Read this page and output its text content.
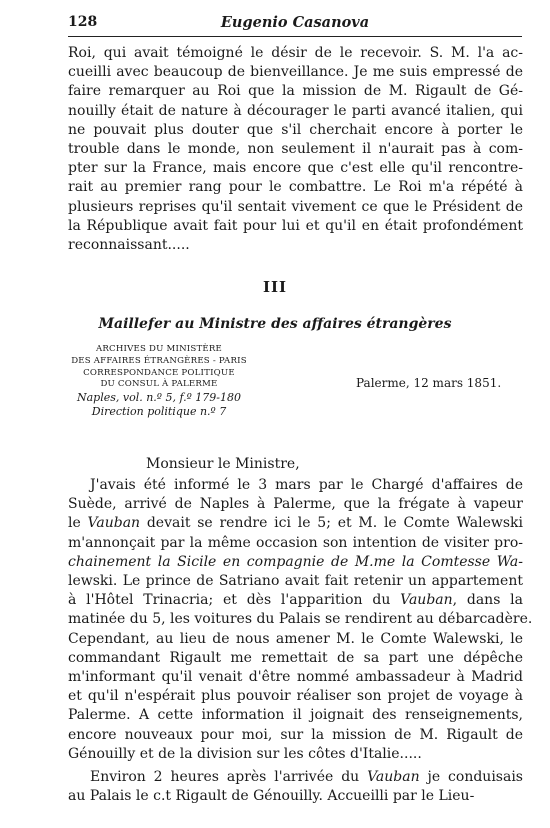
128	Eugenio Casanova
Roi, qui avait témoigné le désir de le recevoir. S. M. l'a ac-
cueilli avec beaucoup de bienveillance. Je me suis empressé de
faire remarquer au Roi que la mission de M. Rigault de Gé-
nouilly était de nature à décourager le parti avancé italien, qui
ne pouvait plus douter que s'il cherchait encore à porter le
trouble dans le monde, non seulement il n'aurait pas à com-
pter sur la France, mais encore que c'est elle qu'il rencontre-
rait au premier rang pour le combattre. Le Roi m'a répété à
plusieurs reprises qu'il sentait vivement ce que le Président de
la République avait fait pour lui et qu'il en était profondément
reconnaissant.....
III
Maillefer au Ministre des affaires étrangères
ARCHIVES DU MINISTÈRE
DES AFFAIRES ÉTRANGÈRES - PARIS
CORRESPONDANCE POLITIQUE
DU CONSUL À PALERME
Naples, vol. n.º 5, f.º 179-180
Direction politique n.º 7
Palerme, 12 mars 1851.
Monsieur le Ministre,
J'avais été informé le 3 mars par le Chargé d'affaires de
Suède, arrivé de Naples à Palerme, que la frégate à vapeur
le Vauban devait se rendre ici le 5; et M. le Comte Walewski
m'annonçait par la même occasion son intention de visiter pro-
chainement la Sicile en compagnie de M.me la Comtesse Wa-
lewski. Le prince de Satriano avait fait retenir un appartement
à l'Hôtel Trinacria; et dès l'apparition du Vauban, dans la
matinée du 5, les voitures du Palais se rendirent au débarcadère.
Cependant, au lieu de nous amener M. le Comte Walewski, le
commandant Rigault me remettait de sa part une dépêche
m'informant qu'il venait d'être nommé ambassadeur à Madrid
et qu'il n'espérait plus pouvoir réaliser son projet de voyage à
Palerme. A cette information il joignait des renseignements,
encore nouveaux pour moi, sur la mission de M. Rigault de
Génouilly et de la division sur les côtes d'Italie.....
Environ 2 heures après l'arrivée du Vauban je conduisais
au Palais le c.t Rigault de Génouilly. Accueilli par le Lieu-
